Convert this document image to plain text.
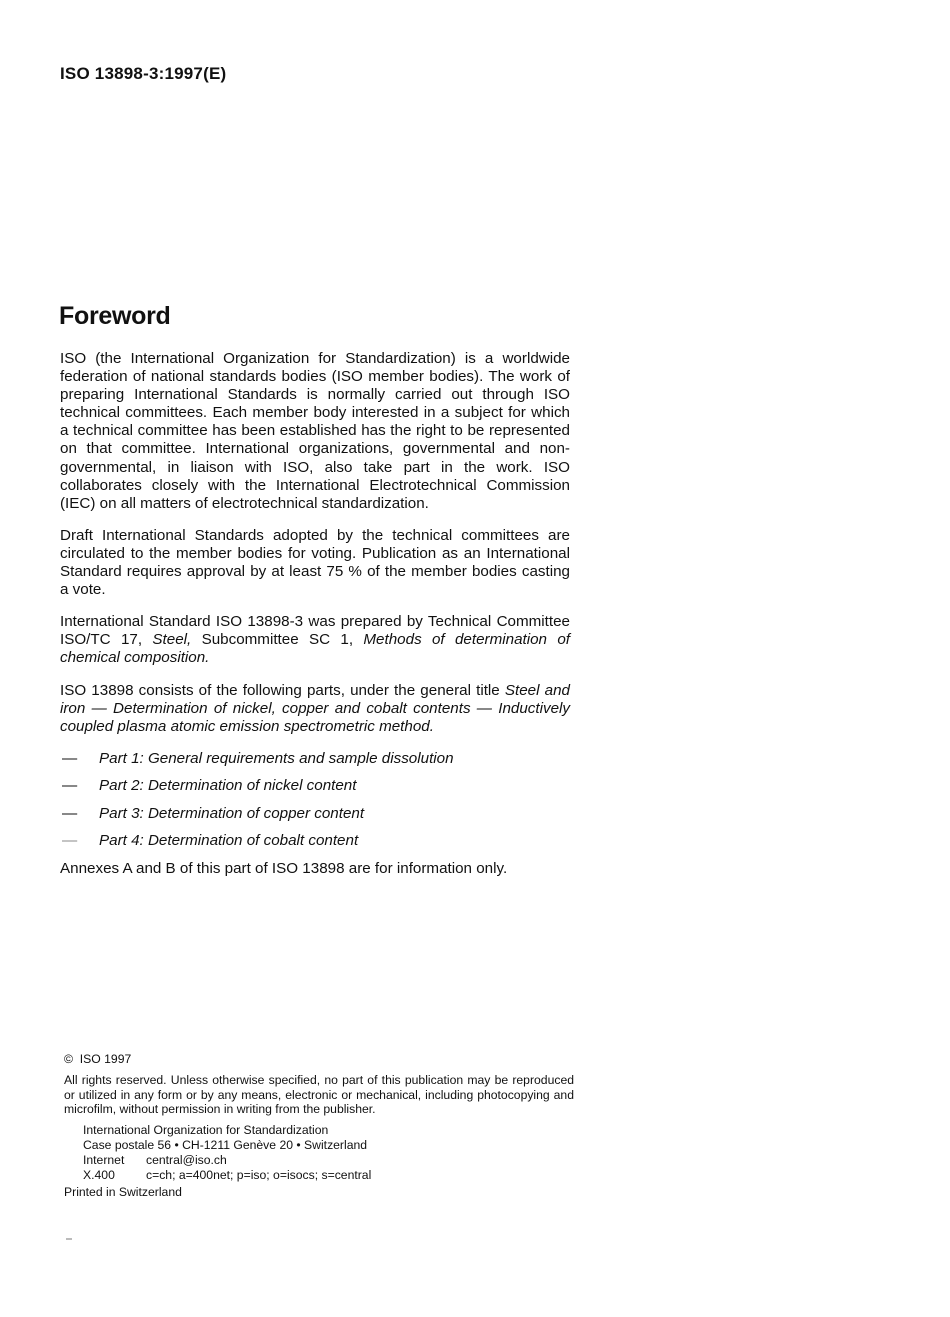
ISO 13898-3:1997(E)
Foreword

ISO (the International Organization for Standardization) is a worldwide federation of national standards bodies (ISO member bodies). The work of preparing International Standards is normally carried out through ISO technical committees. Each member body interested in a subject for which a technical committee has been established has the right to be represented on that committee. International organizations, governmental and non-governmental, in liaison with ISO, also take part in the work. ISO collaborates closely with the International Electrotechnical Commission (IEC) on all matters of electrotechnical standardization.

Draft International Standards adopted by the technical committees are circulated to the member bodies for voting. Publication as an International Standard requires approval by at least 75 % of the member bodies casting a vote.

International Standard ISO 13898-3 was prepared by Technical Committee ISO/TC 17, Steel, Subcommittee SC 1, Methods of determination of chemical composition.

ISO 13898 consists of the following parts, under the general title Steel and iron — Determination of nickel, copper and cobalt contents — Inductively coupled plasma atomic emission spectrometric method.

— Part 1: General requirements and sample dissolution
— Part 2: Determination of nickel content
— Part 3: Determination of copper content
— Part 4: Determination of cobalt content

Annexes A and B of this part of ISO 13898 are for information only.

© ISO 1997
All rights reserved. Unless otherwise specified, no part of this publication may be reproduced or utilized in any form or by any means, electronic or mechanical, including photocopying and microfilm, without permission in writing from the publisher.
International Organization for Standardization
Case postale 56 • CH-1211 Genève 20 • Switzerland
Internet central@iso.ch
X.400	c=ch; a=400net; p=iso; o=isocs; s=central
Printed in Switzerland
